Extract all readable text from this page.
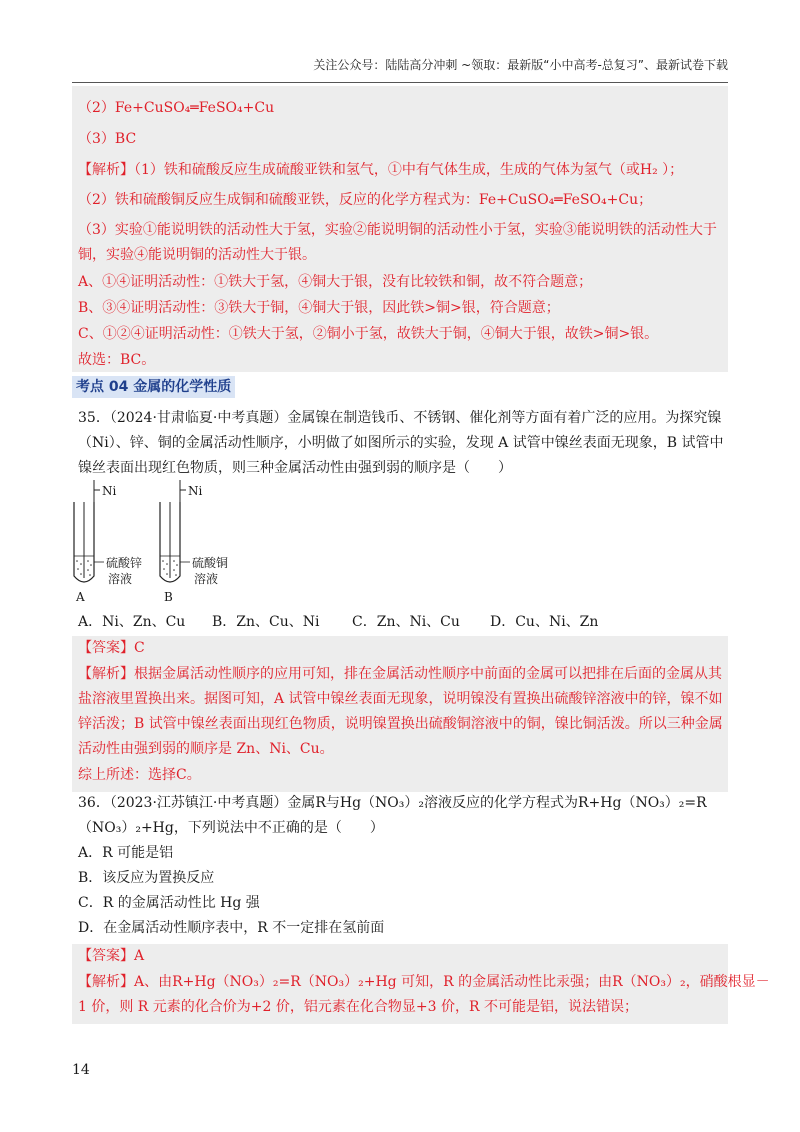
关注公众号：陆陆高分冲刺 ~领取：最新版“小中高考-总复习”、最新试卷下载
（2）Fe+CuSO₄═FeSO₄+Cu
（3）BC
【解析】（1）铁和硫酸反应生成硫酸亚铁和氢气，①中有气体生成，生成的气体为氢气（或H₂ ）；
（2）铁和硫酸铜反应生成铜和硫酸亚铁，反应的化学方程式为：Fe+CuSO₄═FeSO₄+Cu；
（3）实验①能说明铁的活动性大于氢，实验②能说明铜的活动性小于氢，实验③能说明铁的活动性大于
铜，实验④能说明铜的活动性大于银。
A、①④证明活动性：①铁大于氢，④铜大于银，没有比较铁和铜，故不符合题意；
B、③④证明活动性：③铁大于铜，④铜大于银，因此铁>铜>银，符合题意；
C、①②④证明活动性：①铁大于氢，②铜小于氢，故铁大于铜，④铜大于银，故铁>铜>银。
故选：BC。
考点 04 金属的化学性质
35．（2024·甘肃临夏·中考真题）金属镍在制造钱币、不锈钢、催化剂等方面有着广泛的应用。为探究镍
（Ni）、锌、铜的金属活动性顺序，小明做了如图所示的实验，发现 A 试管中镍丝表面无现象，B 试管中
镍丝表面出现红色物质，则三种金属活动性由强到弱的顺序是（　　）
Ni	Ni
硫酸锌
溶液
硫酸铜
溶液
A	B
A．Ni、Zn、Cu B．Zn、Cu、Ni C．Zn、Ni、Cu D．Cu、Ni、Zn
【答案】C
【解析】根据金属活动性顺序的应用可知，排在金属活动性顺序中前面的金属可以把排在后面的金属从其
盐溶液里置换出来。据图可知，A 试管中镍丝表面无现象，说明镍没有置换出硫酸锌溶液中的锌，镍不如
锌活泼；B 试管中镍丝表面出现红色物质，说明镍置换出硫酸铜溶液中的铜，镍比铜活泼。所以三种金属
活动性由强到弱的顺序是 Zn、Ni、Cu。
综上所述：选择C。
36．（2023·江苏镇江·中考真题）金属R与Hg（NO₃）₂溶液反应的化学方程式为R+Hg（NO₃）₂=R
（NO₃）₂+Hg，下列说法中不正确的是（　　）
A．R 可能是铝
B．该反应为置换反应
C．R 的金属活动性比 Hg 强
D．在金属活动性顺序表中，R 不一定排在氢前面
【答案】A
【解析】A、由R+Hg（NO₃）₂=R（NO₃）₂+Hg 可知，R 的金属活动性比汞强；由R（NO₃）₂，硝酸根显－
1 价，则 R 元素的化合价为+2 价，铝元素在化合物显+3 价，R 不可能是铝，说法错误；
14
